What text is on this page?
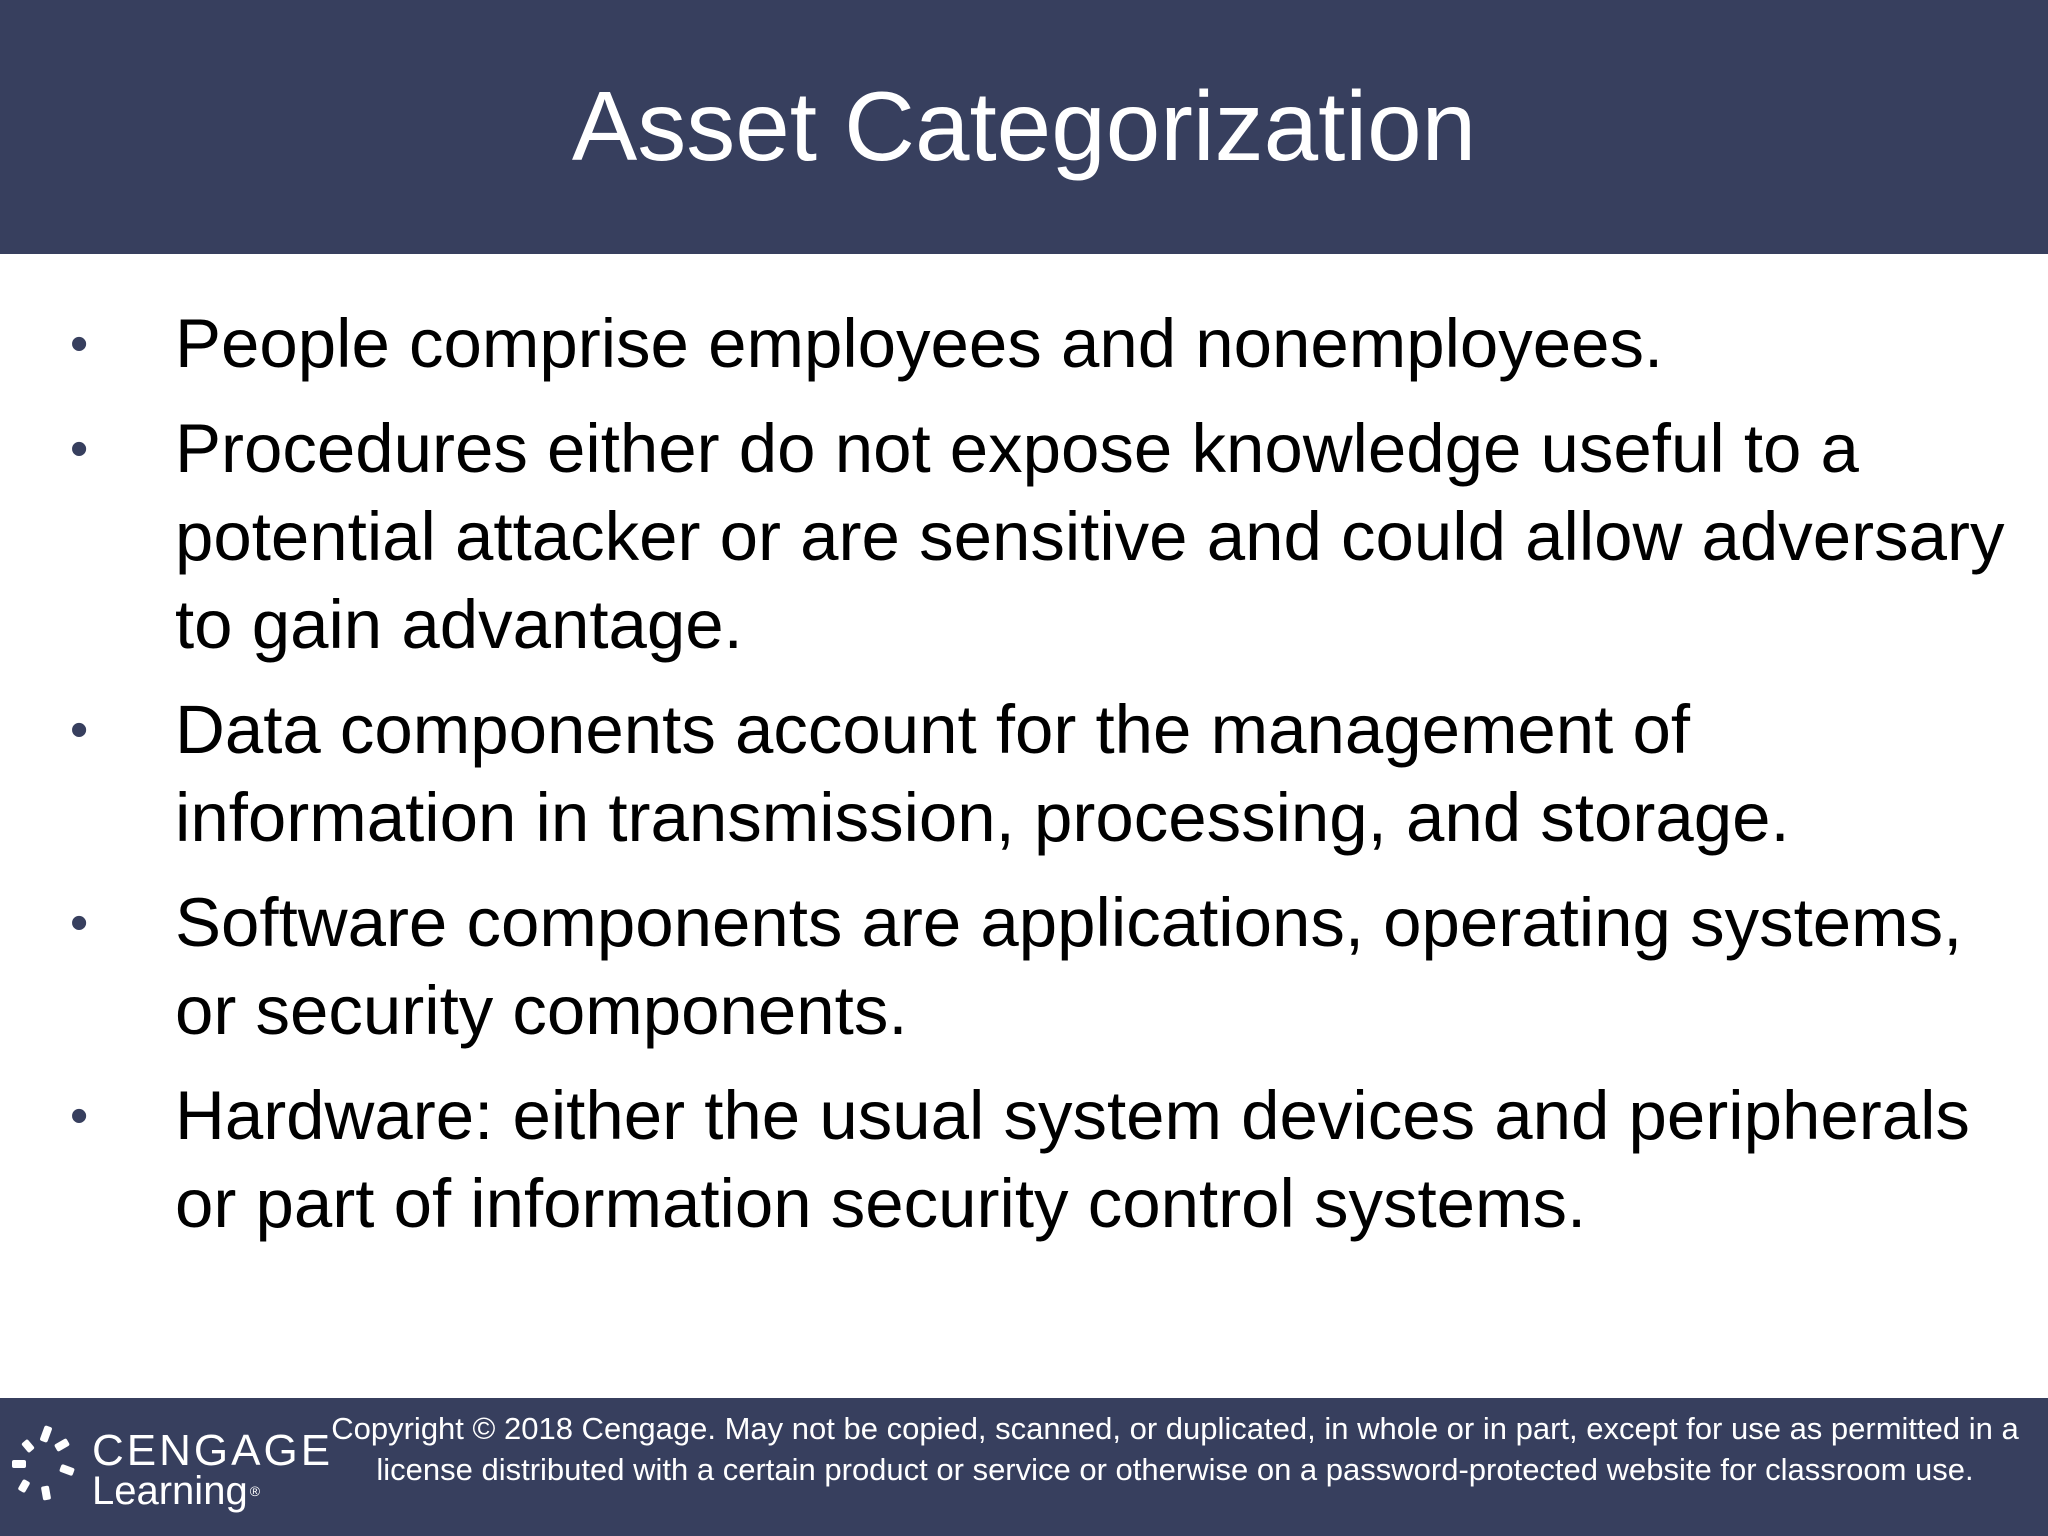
Asset Categorization
•	People comprise employees and nonemployees.
•	Procedures either do not expose knowledge useful to a potential attacker or are sensitive and could allow adversary to gain advantage.
•	Data components account for the management of information in transmission, processing, and storage.
•	Software components are applications, operating systems, or security components.
•	Hardware: either the usual system devices and peripherals or part of information security control systems.
CENGAGE
Learning ®

Copyright © 2018 Cengage. May not be copied, scanned, or duplicated, in whole or in part, except for use as permitted in a license distributed with a certain product or service or otherwise on a password-protected website for classroom use.
